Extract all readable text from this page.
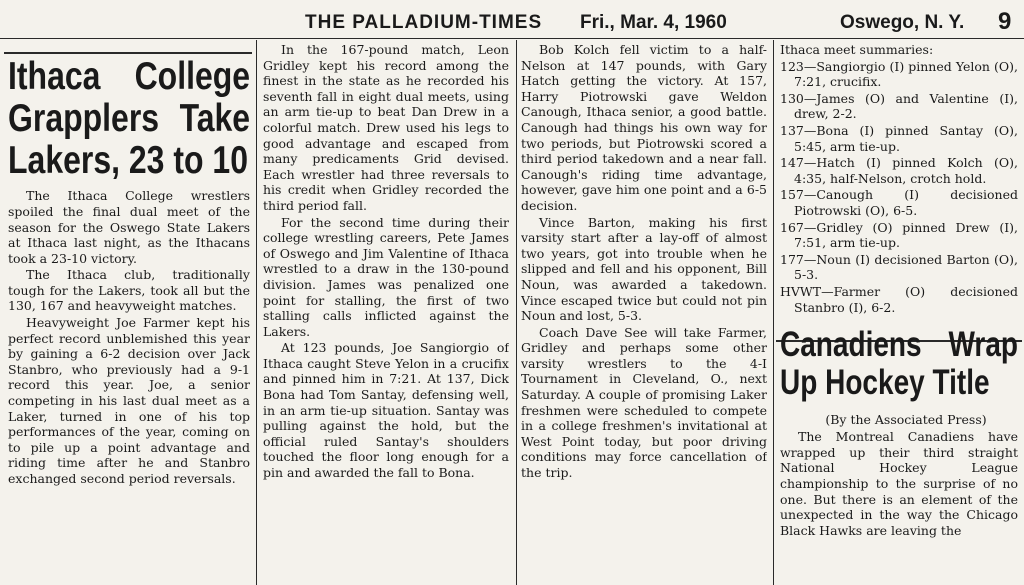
THE PALLADIUM-TIMES Fri., Mar. 4, 1960	Oswego, N. Y. 9
Ithaca College Grapplers Take Lakers, 23 to 10

The Ithaca College wrestlers spoiled the final dual meet of the season for the Oswego State Lakers at Ithaca last night, as the Ithacans took a 23-10 victory.

The Ithaca club, traditionally tough for the Lakers, took all but the 130, 167 and heavyweight matches.

Heavyweight Joe Farmer kept his perfect record unblemished this year by gaining a 6-2 decision over Jack Stanbro, who previously had a 9-1 record this year. Joe, a senior competing in his last dual meet as a Laker, turned in one of his top performances of the year, coming on to pile up a point advantage and riding time after he and Stanbro exchanged second period reversals.

In the 167-pound match, Leon Gridley kept his record among the finest in the state as he recorded his seventh fall in eight dual meets, using an arm tie-up to beat Dan Drew in a colorful match. Drew used his legs to good advantage and escaped from many predicaments Grid devised. Each wrestler had three reversals to his credit when Gridley recorded the third period fall.

For the second time during their college wrestling careers, Pete James of Oswego and Jim Valentine of Ithaca wrestled to a draw in the 130-pound division. James was penalized one point for stalling, the first of two stalling calls inflicted against the Lakers.

At 123 pounds, Joe Sangiorgio of Ithaca caught Steve Yelon in a crucifix and pinned him in 7:21. At 137, Dick Bona had Tom Santay, defensing well, in an arm tie-up situation. Santay was pulling against the hold, but the official ruled Santay's shoulders touched the floor long enough for a pin and awarded the fall to Bona.

Bob Kolch fell victim to a half-Nelson at 147 pounds, with Gary Hatch getting the victory. At 157, Harry Piotrowski gave Weldon Canough, Ithaca senior, a good battle. Canough had things his own way for two periods, but Piotrowski scored a third period takedown and a near fall. Canough's riding time advantage, however, gave him one point and a 6-5 decision.

Vince Barton, making his first varsity start after a lay-off of almost two years, got into trouble when he slipped and fell and his opponent, Bill Noun, was awarded a takedown. Vince escaped twice but could not pin Noun and lost, 5-3.

Coach Dave See will take Farmer, Gridley and perhaps some other varsity wrestlers to the 4-I Tournament in Cleveland, O., next Saturday. A couple of promising Laker freshmen were scheduled to compete in a college freshmen's invitational at West Point today, but poor driving conditions may force cancellation of the trip.

Ithaca meet summaries:

123—Sangiorgio (I) pinned Yelon (O), 7:21, crucifix.

130—James (O) and Valentine (I), drew, 2-2.

137—Bona (I) pinned Santay (O), 5:45, arm tie-up.

147—Hatch (I) pinned Kolch (O), 4:35, half-Nelson, crotch hold.

157—Canough (I) decisioned Piotrowski (O), 6-5.

167—Gridley (O) pinned Drew (I), 7:51, arm tie-up.

177—Noun (I) decisioned Barton (O), 5-3.

HVWT—Farmer (O) decisioned Stanbro (I), 6-2.

Canadiens Wrap Up Hockey Title

(By the Associated Press)

The Montreal Canadiens have wrapped up their third straight National Hockey League championship to the surprise of no one. But there is an element of the unexpected in the way the Chicago Black Hawks are leaving the
